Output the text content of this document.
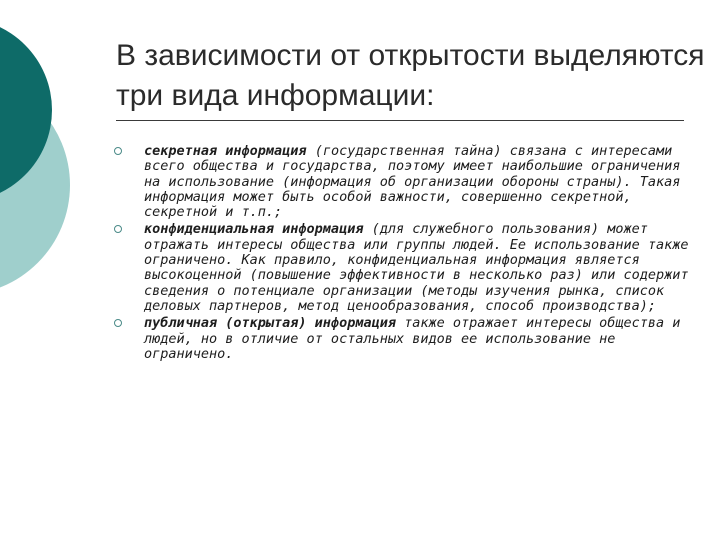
В зависимости от открытости выделяются три вида информации:
секретная информация (государственная тайна) связана с интересами всего общества и государства, поэтому имеет наибольшие ограничения на использование (информация об организации обороны страны). Такая информация может быть особой важности, совершенно секретной, секретной и т.п.;
конфиденциальная информация (для служебного пользования) может отражать интересы общества или группы людей. Ее использование также ограничено. Как правило, конфиденциальная информация является высокоценной (повышение эффективности в несколько раз) или содержит сведения о потенциале организации (методы изучения рынка, список деловых партнеров, метод ценообразования, способ производства);
публичная (открытая) информация также отражает интересы общества и людей, но в отличие от остальных видов ее использование не ограничено.
